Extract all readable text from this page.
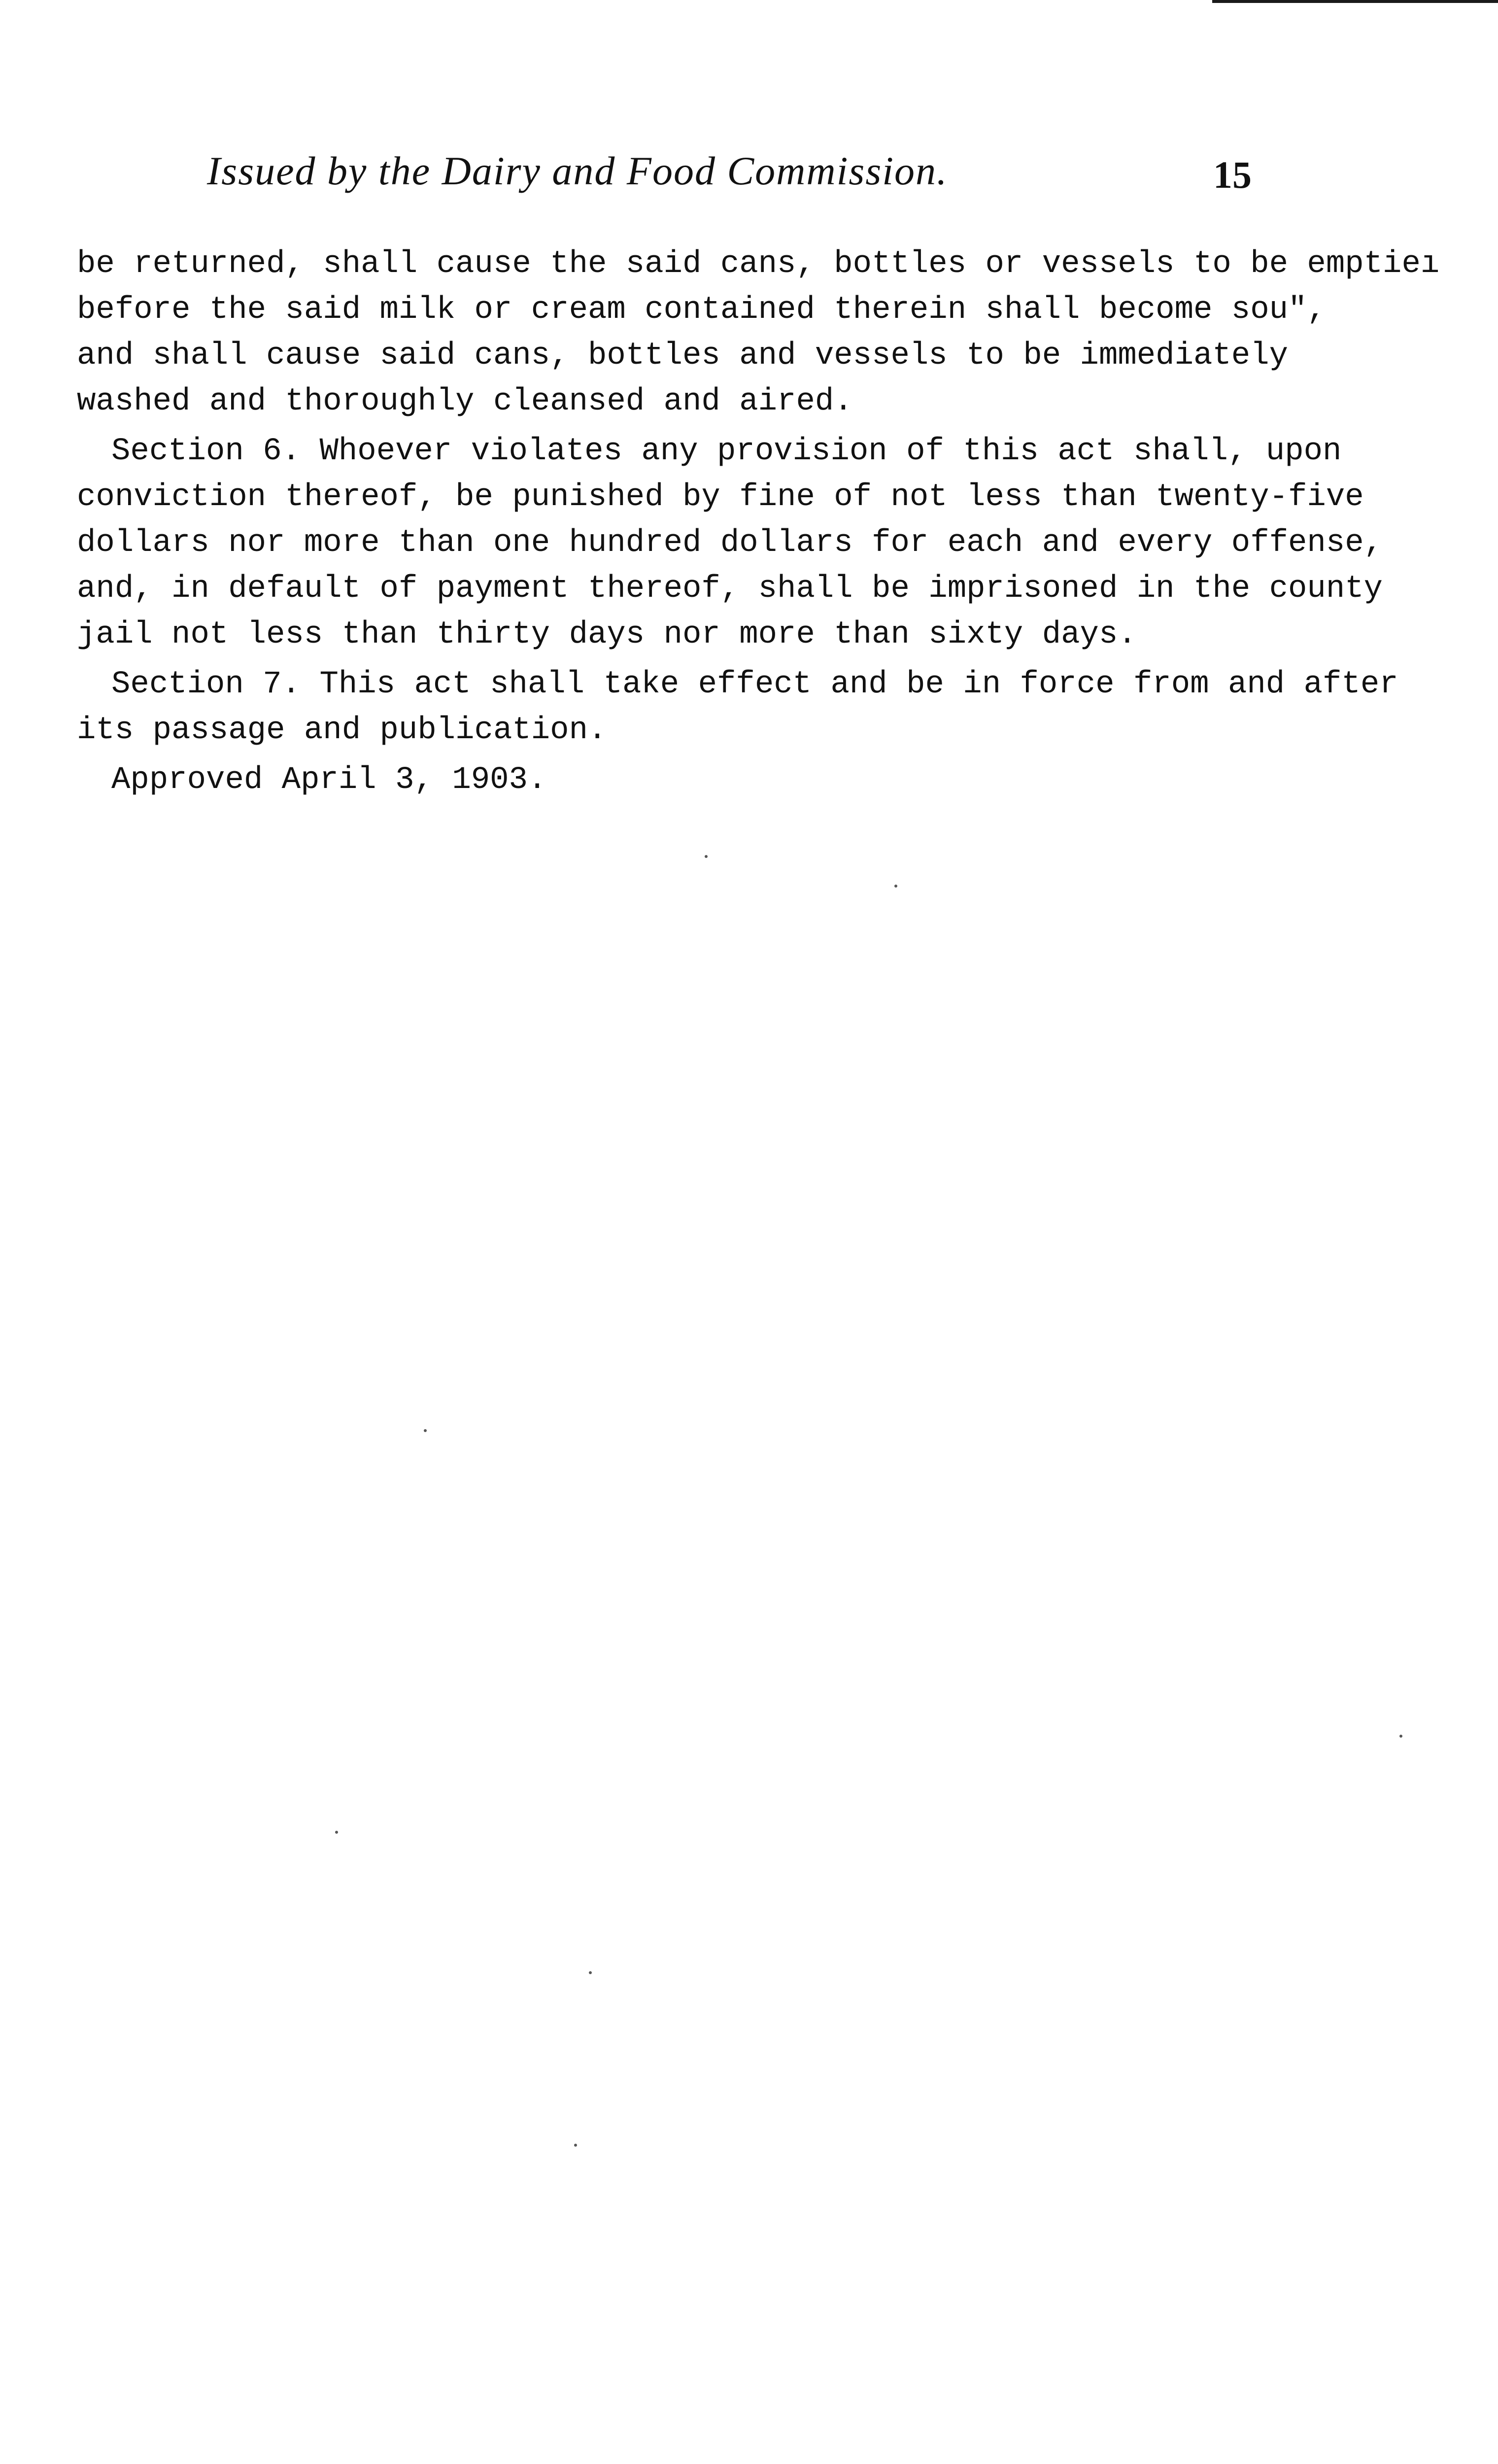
Issued by the Dairy and Food Commission.	15
be returned, shall cause the said cans, bottles or vessels to be emptieı
before the said milk or cream contained therein shall become souʺ,
and shall cause said cans, bottles and vessels to be immediately
washed and thoroughly cleansed and aired.
Section 6. Whoever violates any provision of this act shall, upon
conviction thereof, be punished by fine of not less than twenty-five
dollars nor more than one hundred dollars for each and every offense,
and, in default of payment thereof, shall be imprisoned in the county
jail not less than thirty days nor more than sixty days.
Section 7. This act shall take effect and be in force from and after
its passage and publication.
Approved April 3, 1903.
